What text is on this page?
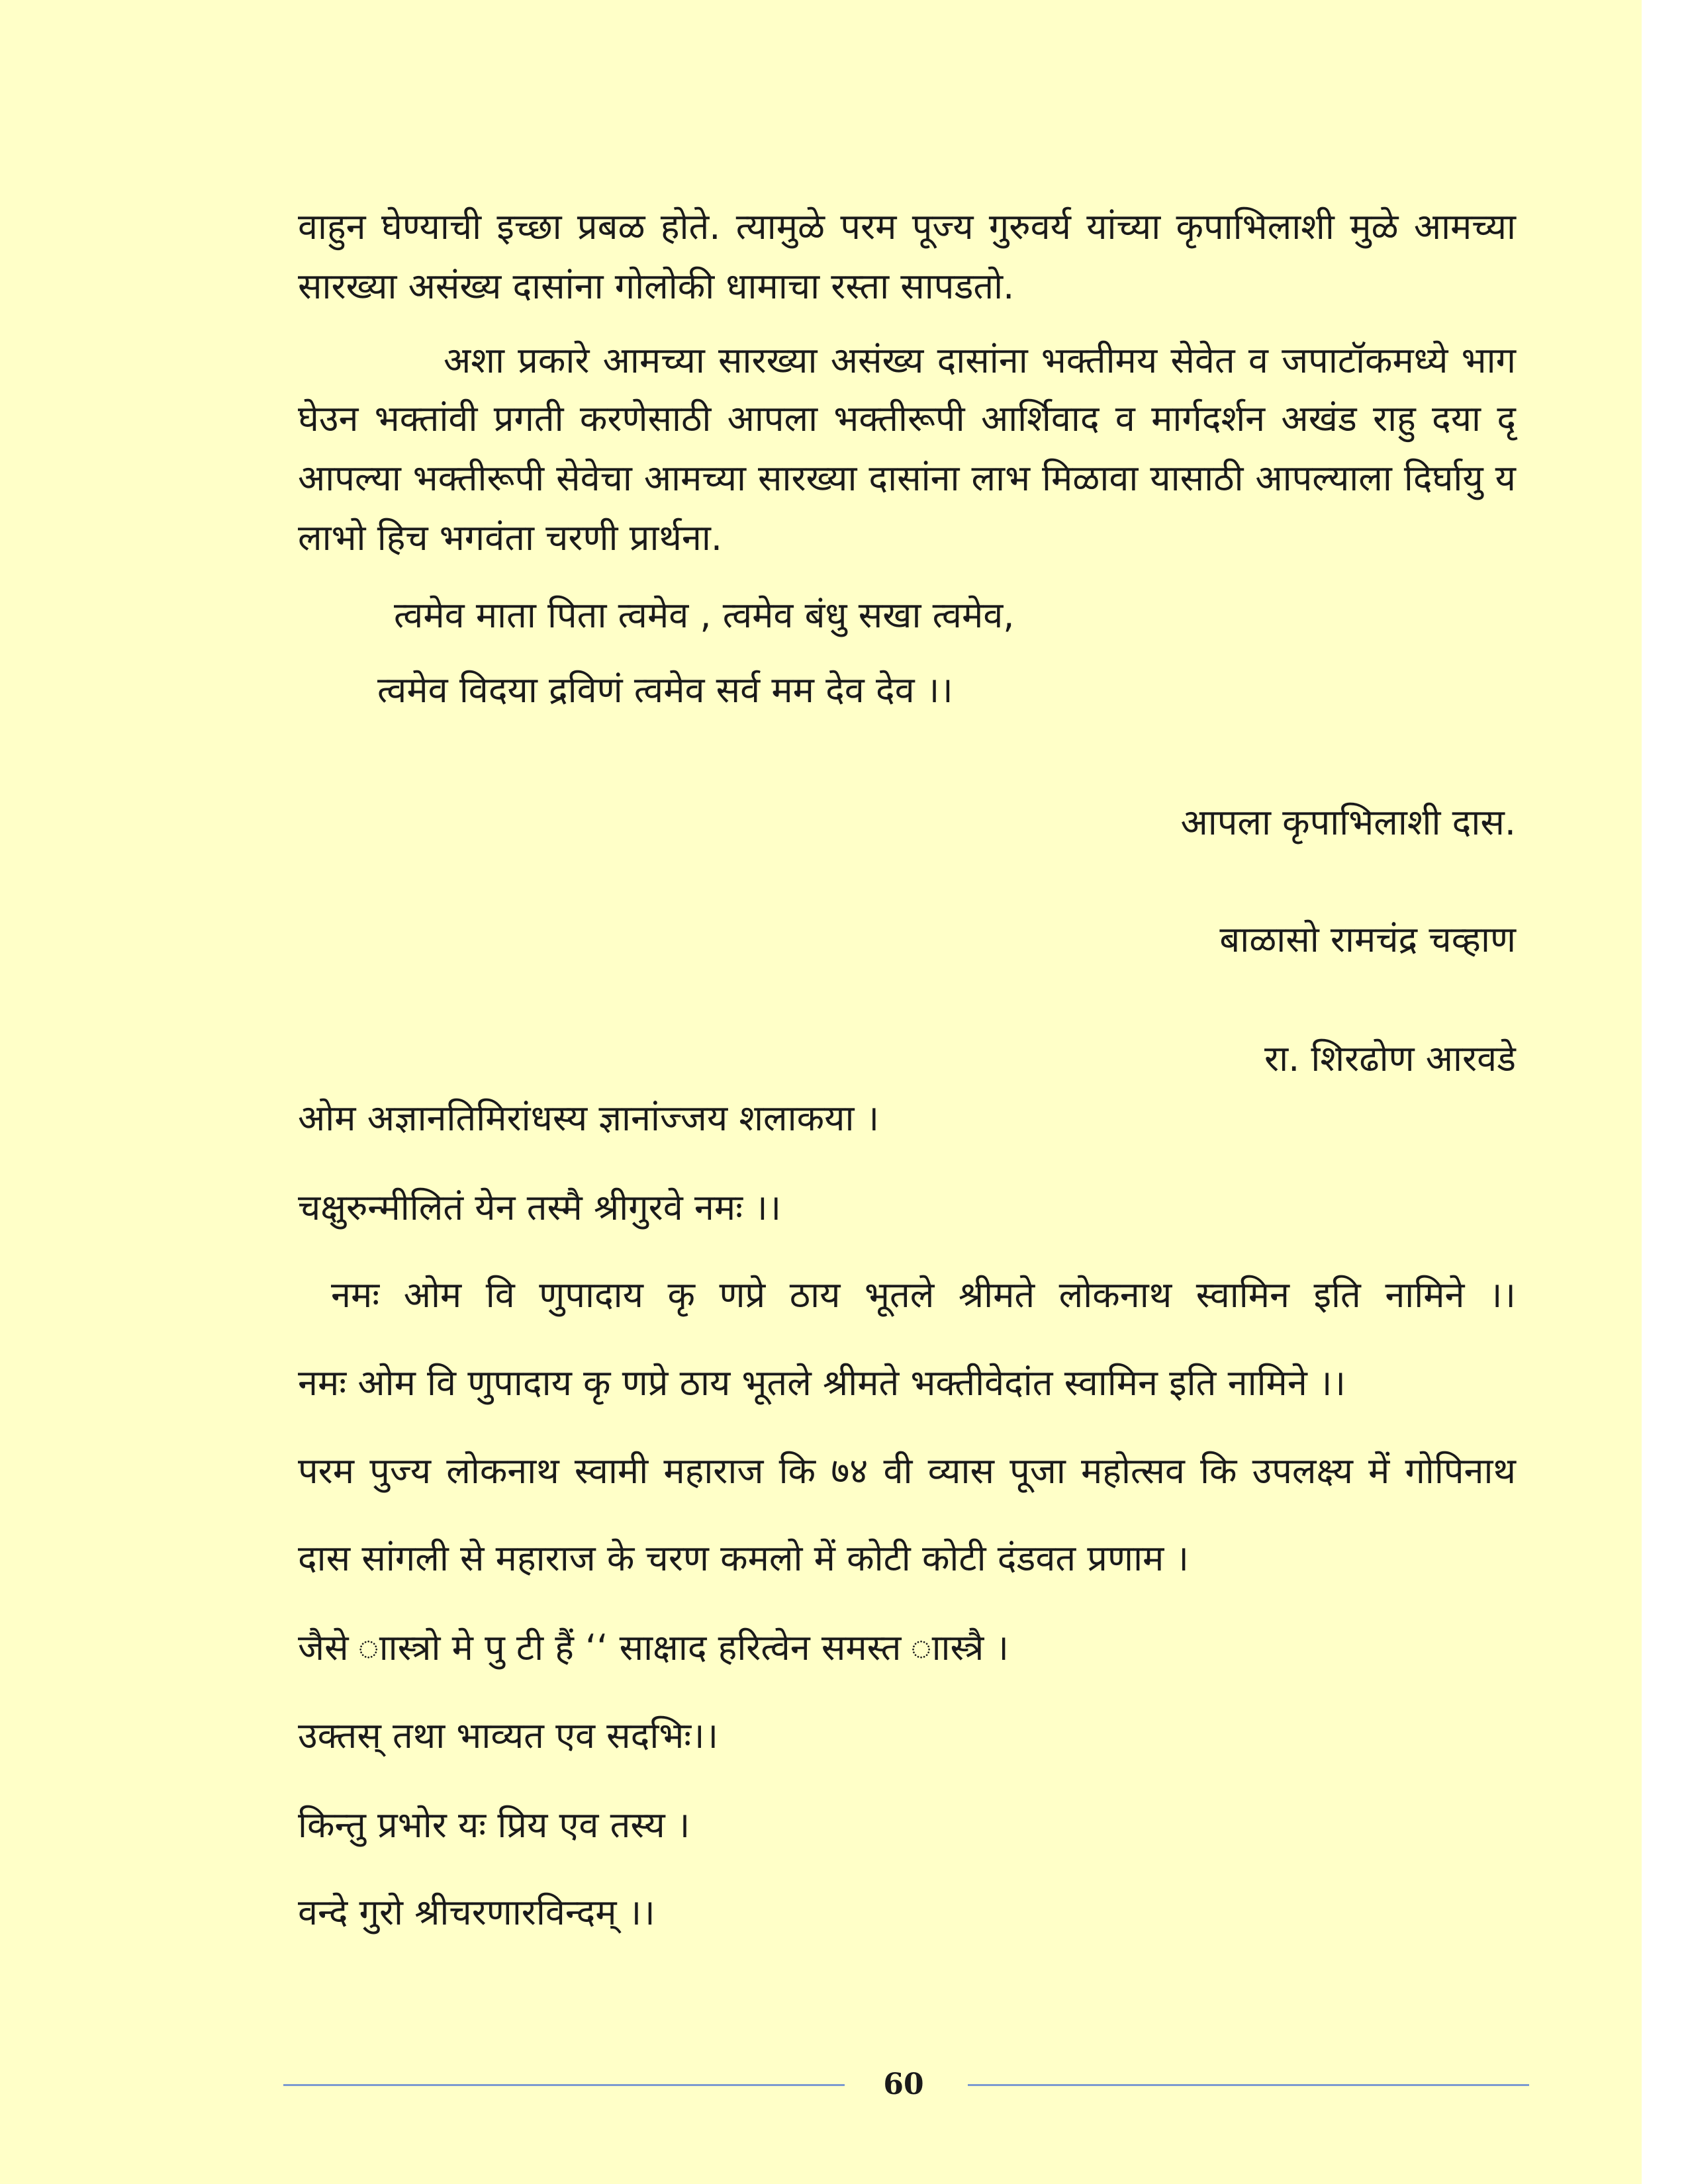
वाहुन घेण्याची इच्छा प्रबळ होते. त्यामुळे परम पूज्य गुरुवर्य यांच्या कृपाभिलाशी मुळे आमच्या
सारख्या असंख्य दासांना गोलोकी धामाचा रस्ता सापडतो.
अशा प्रकारे आमच्या सारख्या असंख्य दासांना भक्तीमय सेवेत व जपाटॉकमध्ये भाग
घेउन भक्तांवी प्रगती करणेसाठी आपला भक्तीरूपी आर्शिवाद व मार्गदर्शन अखंड राहु दया दृ
आपल्या भक्तीरूपी सेवेचा आमच्या सारख्या दासांना लाभ मिळावा यासाठी आपल्याला दिर्घायु य
लाभो हिच भगवंता चरणी प्रार्थना.
त्वमेव माता पिता त्वमेव , त्वमेव बंधु सखा त्वमेव,
त्वमेव विदया द्रविणं त्वमेव सर्व मम देव देव ।।
आपला कृपाभिलाशी दास.
बाळासो रामचंद्र चव्हाण
रा. शिरढोण आरवडे
ओम अज्ञानतिमिरांधस्य ज्ञानांज्जय शलाकया ।
चक्षुरुन्मीलितं येन तस्मै श्रीगुरवे नमः ।।
नमः ओम वि णुपादाय कृ णप्रे ठाय भूतले श्रीमते लोकनाथ स्वामिन इति नामिने ।।
नमः ओम वि णुपादाय कृ णप्रे ठाय भूतले श्रीमते भक्तीवेदांत स्वामिन इति नामिने ।।
परम पुज्य लोकनाथ स्वामी महाराज कि ७४ वी व्यास पूजा महोत्सव कि उपलक्ष्य में गोपिनाथ
दास सांगली से महाराज के चरण कमलो में कोटी कोटी दंडवत प्रणाम ।
जैसे ाास्त्रो मे पु टी हैं ‘‘ साक्षाद हरित्वेन समस्त ाास्त्रै ।
उक्तस् तथा भाव्यत एव सदभिः।।
किन्तु प्रभोर यः प्रिय एव तस्य ।
वन्दे गुरो श्रीचरणारविन्दम् ।।
60
